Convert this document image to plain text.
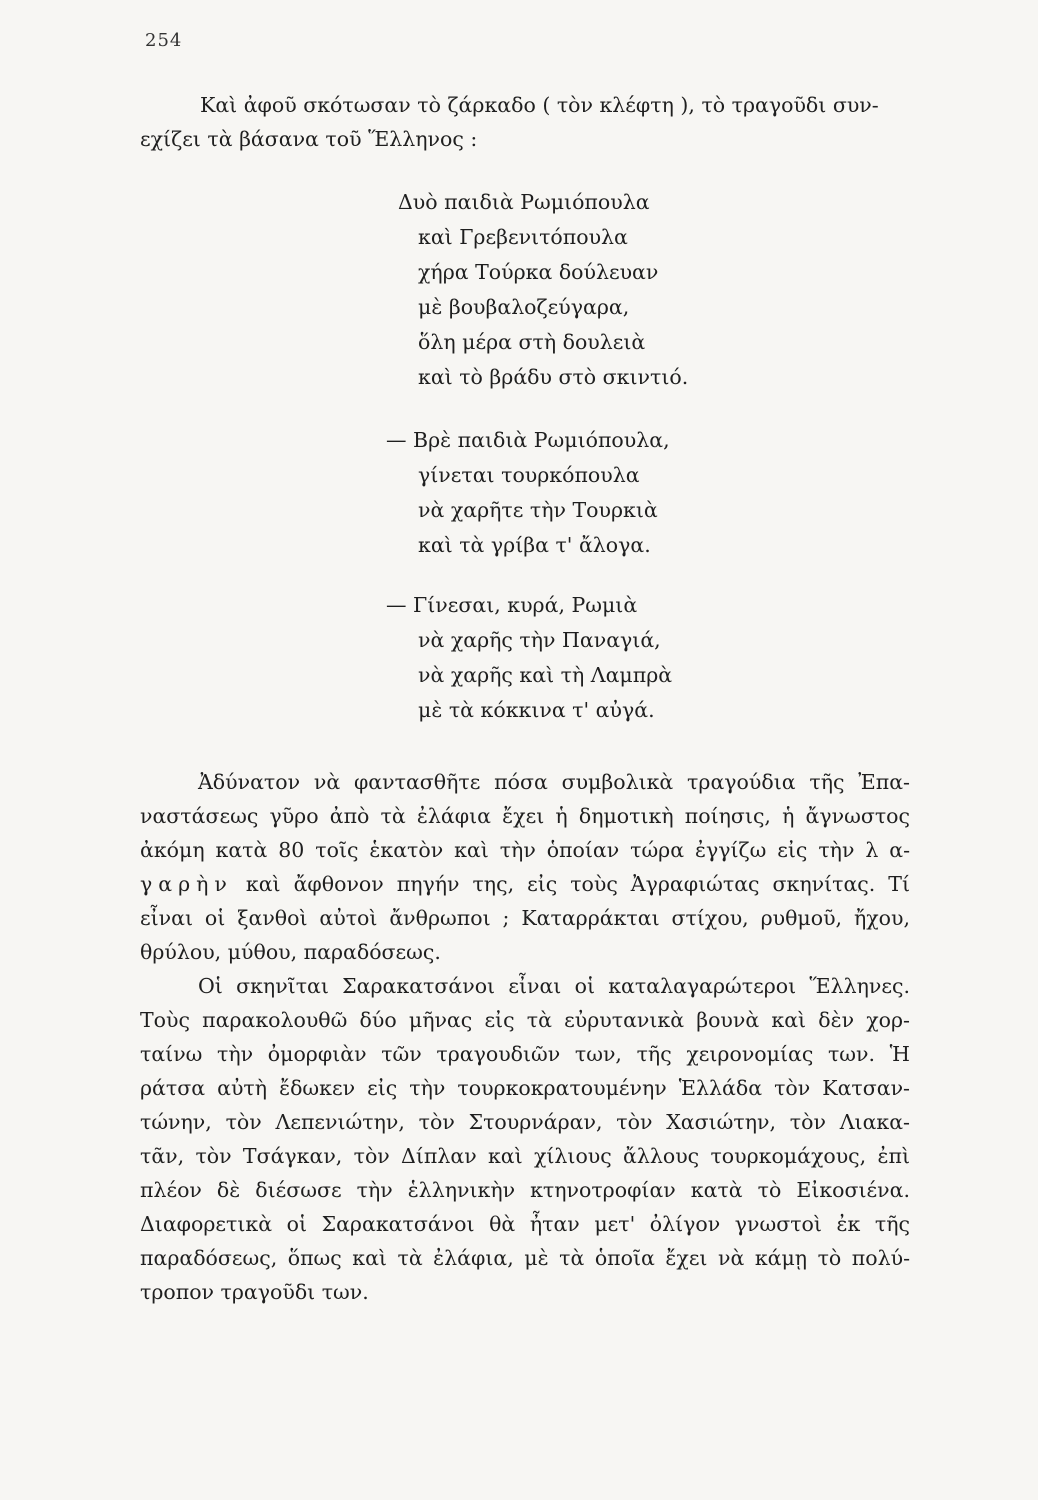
254
Καὶ ἀφοῦ σκότωσαν τὸ ζάρκαδο ( τὸν κλέφτη ), τὸ τραγοῦδι συν-
εχίζει τὰ βάσανα τοῦ Ἕλληνος :
Δυὸ παιδιὰ Ρωμιόπουλα
καὶ Γρεβενιτόπουλα
χήρα Τούρκα δούλευαν
μὲ βουβαλοζεύγαρα,
ὅλη μέρα στὴ δουλειὰ
καὶ τὸ βράδυ στὸ σκιντιό.
— Βρὲ παιδιὰ Ρωμιόπουλα,
γίνεται τουρκόπουλα
νὰ χαρῆτε τὴν Τουρκιὰ
καὶ τὰ γρίβα τ' ἄλογα.
— Γίνεσαι, κυρά, Ρωμιὰ
νὰ χαρῆς τὴν Παναγιά,
νὰ χαρῆς καὶ τὴ Λαμπρὰ
μὲ τὰ κόκκινα τ' αὐγά.
Ἀδύνατον νὰ φαντασθῆτε πόσα συμβολικὰ τραγούδια τῆς Ἐπα-
ναστάσεως γῦρο ἀπὸ τὰ ἐλάφια ἔχει ἡ δημοτικὴ ποίησις, ἡ ἄγνωστος
ἀκόμη κατὰ 80 τοῖς ἑκατὸν καὶ τὴν ὁποίαν τώρα ἐγγίζω εἰς τὴν λ α-
γαρὴν καὶ ἄφθονον πηγήν της, εἰς τοὺς Ἀγραφιώτας σκηνίτας. Τί
εἶναι οἱ ξανθοὶ αὐτοὶ ἄνθρωποι ; Καταρράκται στίχου, ρυθμοῦ, ἤχου,
θρύλου, μύθου, παραδόσεως.
Οἱ σκηνῖται Σαρακατσάνοι εἶναι οἱ καταλαγαρώτεροι Ἕλληνες.
Τοὺς παρακολουθῶ δύο μῆνας εἰς τὰ εὐρυτανικὰ βουνὰ καὶ δὲν χορ-
ταίνω τὴν ὀμορφιὰν τῶν τραγουδιῶν των, τῆς χειρονομίας των. Ἡ
ράτσα αὐτὴ ἔδωκεν εἰς τὴν τουρκοκρατουμένην Ἑλλάδα τὸν Κατσαν-
τώνην, τὸν Λεπενιώτην, τὸν Στουρνάραν, τὸν Χασιώτην, τὸν Λιακα-
τᾶν, τὸν Τσάγκαν, τὸν Δίπλαν καὶ χίλιους ἄλλους τουρκομάχους, ἐπὶ
πλέον δὲ διέσωσε τὴν ἑλληνικὴν κτηνοτροφίαν κατὰ τὸ Εἰκοσιένα.
Διαφορετικὰ οἱ Σαρακατσάνοι θὰ ἦταν μετ' ὀλίγον γνωστοὶ ἐκ τῆς
παραδόσεως, ὅπως καὶ τὰ ἐλάφια, μὲ τὰ ὁποῖα ἔχει νὰ κάμῃ τὸ πολύ-
τροπον τραγοῦδι των.
